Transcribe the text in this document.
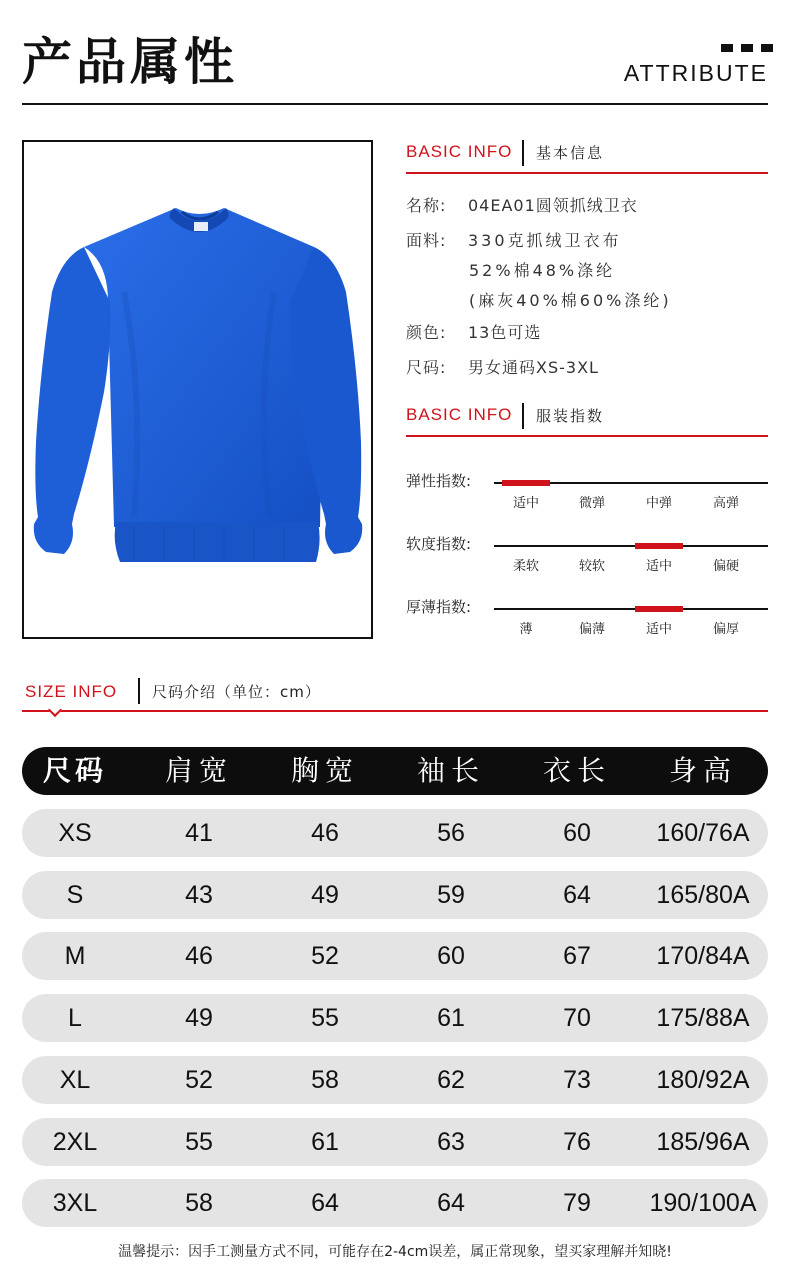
产品属性	ATTRIBUTE
BASIC INFO 基本信息
名称: 04EA01圆领抓绒卫衣
面料: 330克抓绒卫衣布
52%棉48%涤纶
(麻灰40%棉60%涤纶)
颜色: 13色可选
尺码: 男女通码XS-3XL
BASIC INFO 服装指数
弹性指数:
适中	微弹	中弹	高弹
软度指数:
柔软	较软	适中	偏硬
厚薄指数:
薄	偏薄	适中	偏厚
SIZE INFO 尺码介绍（单位：cm）
尺码	肩宽	胸宽	袖长	衣长	身高
XS	41	46	56	60	160/76A
S	43	49	59	64	165/80A
M	46	52	60	67	170/84A
L	49	55	61	70	175/88A
XL	52	58	62	73	180/92A
2XL	55	61	63	76	185/96A
3XL	58	64	64	79	190/100A
温馨提示：因手工测量方式不同，可能存在2-4cm误差，属正常现象，望买家理解并知晓!
